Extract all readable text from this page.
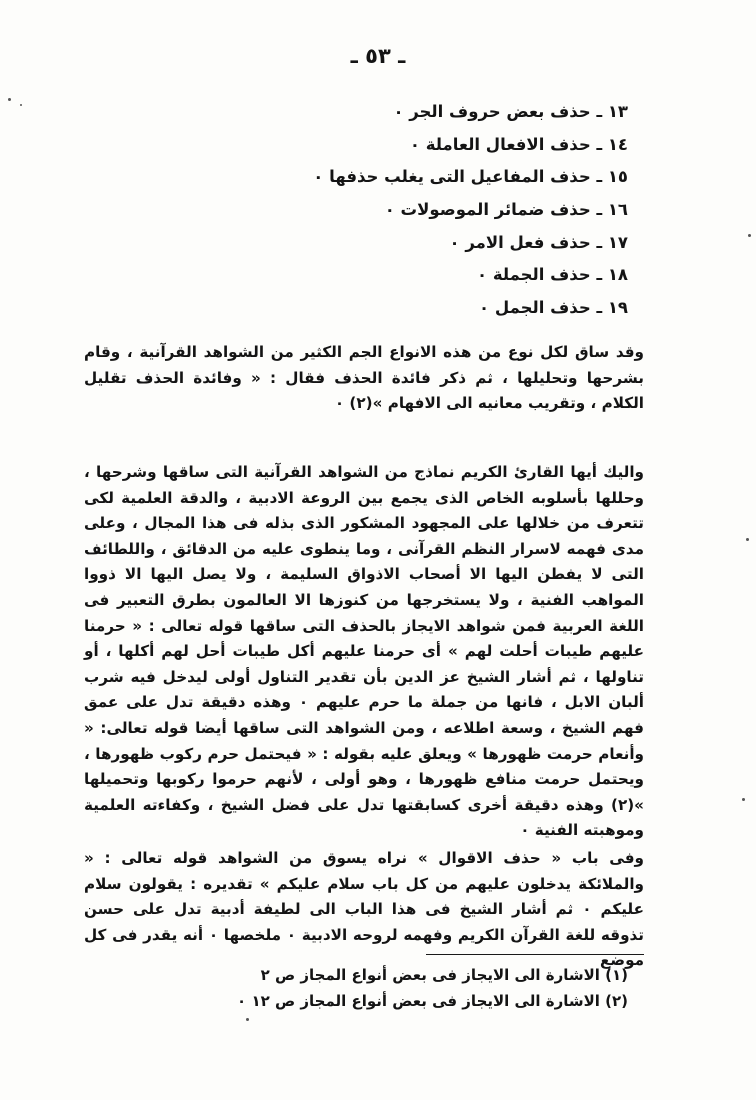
ـ ٥٣ ـ
١٣ ـ حذف بعض حروف الجر ٠
١٤ ـ حذف الافعال العاملة ٠
١٥ ـ حذف المفاعيل التى يغلب حذفها ٠
١٦ ـ حذف ضمائر الموصولات ٠
١٧ ـ حذف فعل الامر ٠
١٨ ـ حذف الجملة ٠
١٩ ـ حذف الجمل ٠

وقد ساق لكل نوع من هذه الانواع الجم الكثير من الشواهد القرآنية ، وقام بشرحها وتحليلها ، ثم ذكر فائدة الحذف فقال : « وفائدة الحذف تقليل الكلام ، وتقريب معانيه الى الافهام »(٢) ٠

واليك أيها القارئ الكريم نماذج من الشواهد القرآنية التى ساقها وشرحها ، وحللها بأسلوبه الخاص الذى يجمع بين الروعة الادبية ، والدقة العلمية لكى تتعرف من خلالها على المجهود المشكور الذى بذله فى هذا المجال ، وعلى مدى فهمه لاسرار النظم القرآنى ، وما ينطوى عليه من الدقائق ، واللطائف التى لا يفطن اليها الا أصحاب الاذواق السليمة ، ولا يصل اليها الا ذووا المواهب الفنية ، ولا يستخرجها من كنوزها الا العالمون بطرق التعبير فى اللغة العربية فمن شواهد الايجاز بالحذف التى ساقها قوله تعالى : « حرمنا عليهم طيبات أحلت لهم » أى حرمنا عليهم أكل طيبات أحل لهم أكلها ، أو تناولها ، ثم أشار الشيخ عز الدين بأن تقدير التناول أولى ليدخل فيه شرب ألبان الابل ، فانها من جملة ما حرم عليهم ٠ وهذه دقيقة تدل على عمق فهم الشيخ ، وسعة اطلاعه ، ومن الشواهد التى ساقها أيضا قوله تعالى: « وأنعام حرمت ظهورها » ويعلق عليه بقوله : « فيحتمل حرم ركوب ظهورها ، ويحتمل حرمت منافع ظهورها ، وهو أولى ، لأنهم حرموا ركوبها وتحميلها »(٢) وهذه دقيقة أخرى كسابقتها تدل على فضل الشيخ ، وكفاءته العلمية وموهبته الفنية ٠

وفى باب « حذف الاقوال » نراه يسوق من الشواهد قوله تعالى : « والملائكة يدخلون عليهم من كل باب سلام عليكم » تقديره : يقولون سلام عليكم ٠ ثم أشار الشيخ فى هذا الباب الى لطيفة أدبية تدل على حسن تذوقه للغة القرآن الكريم وفهمه لروحه الادبية ٠ ملخصها ٠ أنه يقدر فى كل موضع

(١) الاشارة الى الايجاز فى بعض أنواع المجاز ص ٢
(٢) الاشارة الى الايجاز فى بعض أنواع المجاز ص ١٢ ٠
